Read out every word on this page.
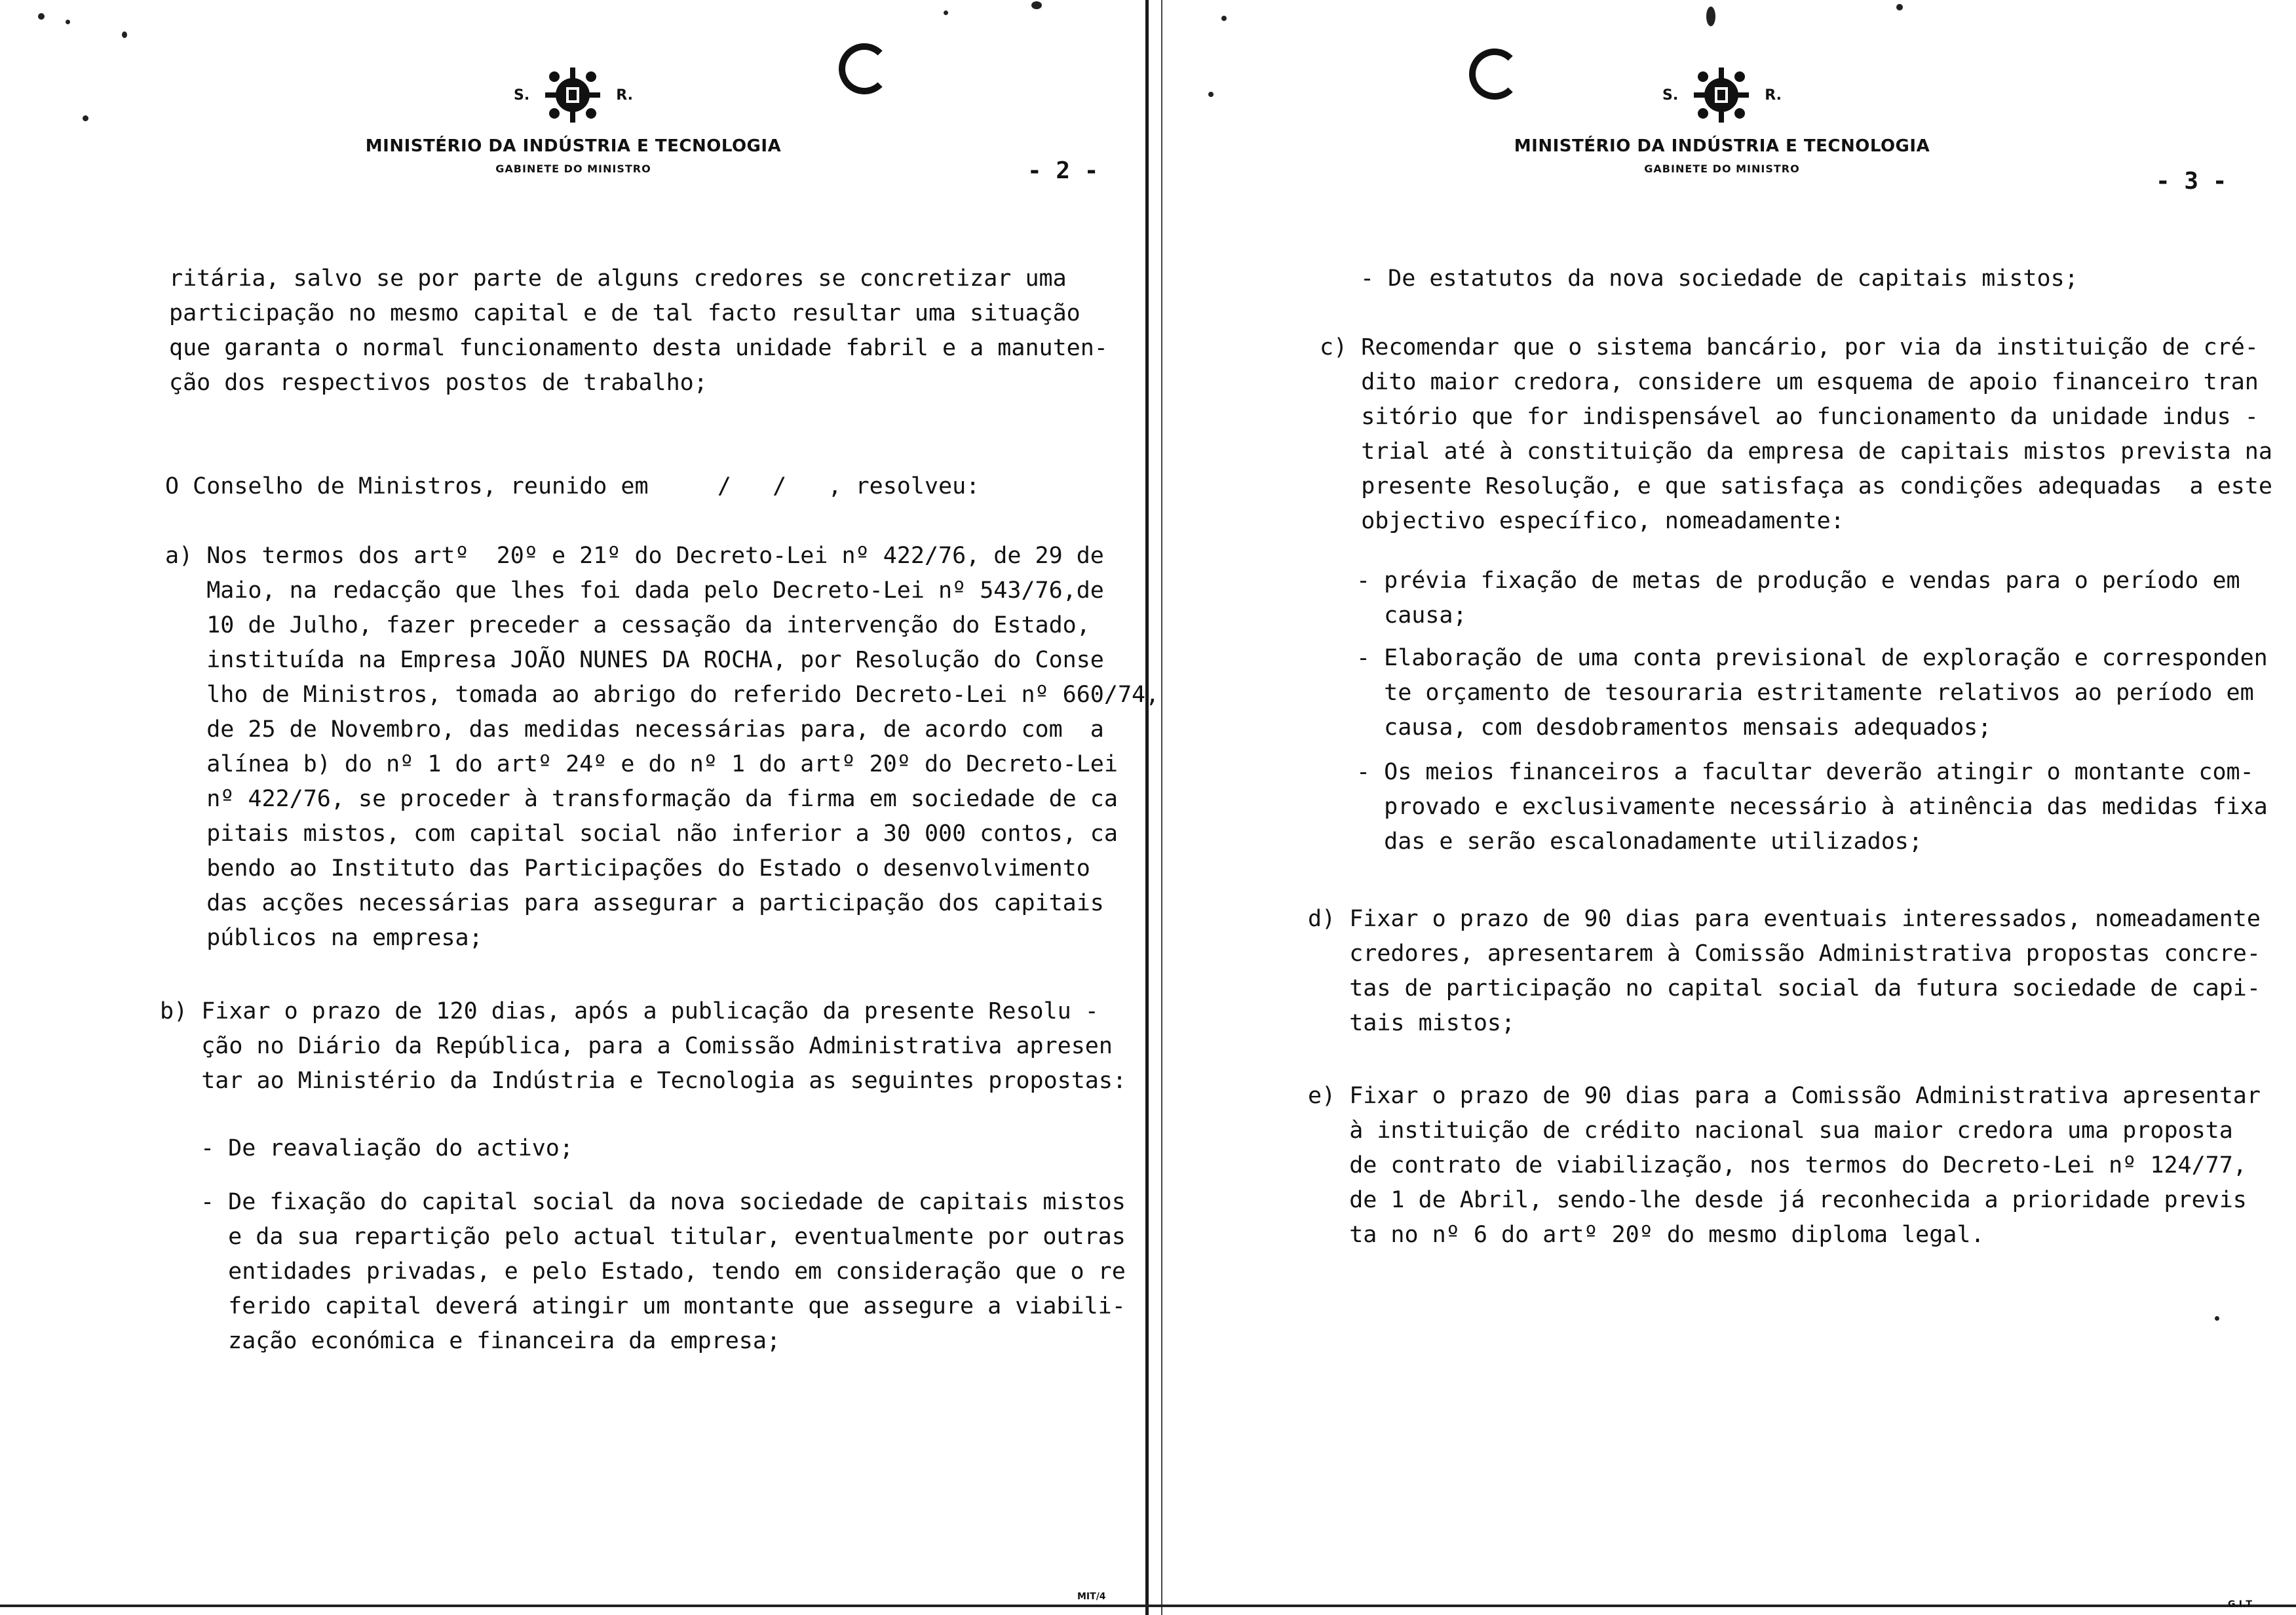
S.	R.
MINISTÉRIO DA INDÚSTRIA E TECNOLOGIA
GABINETE DO MINISTRO	- 2 -
ritária, salvo se por parte de alguns credores se concretizar uma
participação no mesmo capital e de tal facto resultar uma situação
que garanta o normal funcionamento desta unidade fabril e a manuten-
ção dos respectivos postos de trabalho;
O Conselho de Ministros, reunido em     /   /   , resolveu:
a) Nos termos dos artº  20º e 21º do Decreto-Lei nº 422/76, de 29 de
Maio, na redacção que lhes foi dada pelo Decreto-Lei nº 543/76,de
10 de Julho, fazer preceder a cessação da intervenção do Estado,
instituída na Empresa JOÃO NUNES DA ROCHA, por Resolução do Conse
lho de Ministros, tomada ao abrigo do referido Decreto-Lei nº 660/74,
de 25 de Novembro, das medidas necessárias para, de acordo com  a
alínea b) do nº 1 do artº 24º e do nº 1 do artº 20º do Decreto-Lei
nº 422/76, se proceder à transformação da firma em sociedade de ca
pitais mistos, com capital social não inferior a 30 000 contos, ca
bendo ao Instituto das Participações do Estado o desenvolvimento
das acções necessárias para assegurar a participação dos capitais
públicos na empresa;
b) Fixar o prazo de 120 dias, após a publicação da presente Resolu -
ção no Diário da República, para a Comissão Administrativa apresen
tar ao Ministério da Indústria e Tecnologia as seguintes propostas:
- De reavaliação do activo;
- De fixação do capital social da nova sociedade de capitais mistos
e da sua repartição pelo actual titular, eventualmente por outras
entidades privadas, e pelo Estado, tendo em consideração que o re
ferido capital deverá atingir um montante que assegure a viabili-
zação económica e financeira da empresa;
MIT/4
S.	R.
MINISTÉRIO DA INDÚSTRIA E TECNOLOGIA
GABINETE DO MINISTRO	- 3 -
- De estatutos da nova sociedade de capitais mistos;
c) Recomendar que o sistema bancário, por via da instituição de cré-
dito maior credora, considere um esquema de apoio financeiro tran
sitório que for indispensável ao funcionamento da unidade indus -
trial até à constituição da empresa de capitais mistos prevista na
presente Resolução, e que satisfaça as condições adequadas  a este
objectivo específico, nomeadamente:
- prévia fixação de metas de produção e vendas para o período em
causa;
- Elaboração de uma conta previsional de exploração e corresponden
te orçamento de tesouraria estritamente relativos ao período em
causa, com desdobramentos mensais adequados;
- Os meios financeiros a facultar deverão atingir o montante com-
provado e exclusivamente necessário à atinência das medidas fixa
das e serão escalonadamente utilizados;
d) Fixar o prazo de 90 dias para eventuais interessados, nomeadamente
credores, apresentarem à Comissão Administrativa propostas concre-
tas de participação no capital social da futura sociedade de capi-
tais mistos;
e) Fixar o prazo de 90 dias para a Comissão Administrativa apresentar
à instituição de crédito nacional sua maior credora uma proposta
de contrato de viabilização, nos termos do Decreto-Lei nº 124/77,
de 1 de Abril, sendo-lhe desde já reconhecida a prioridade previs
ta no nº 6 do artº 20º do mesmo diploma legal.
G.I.T
